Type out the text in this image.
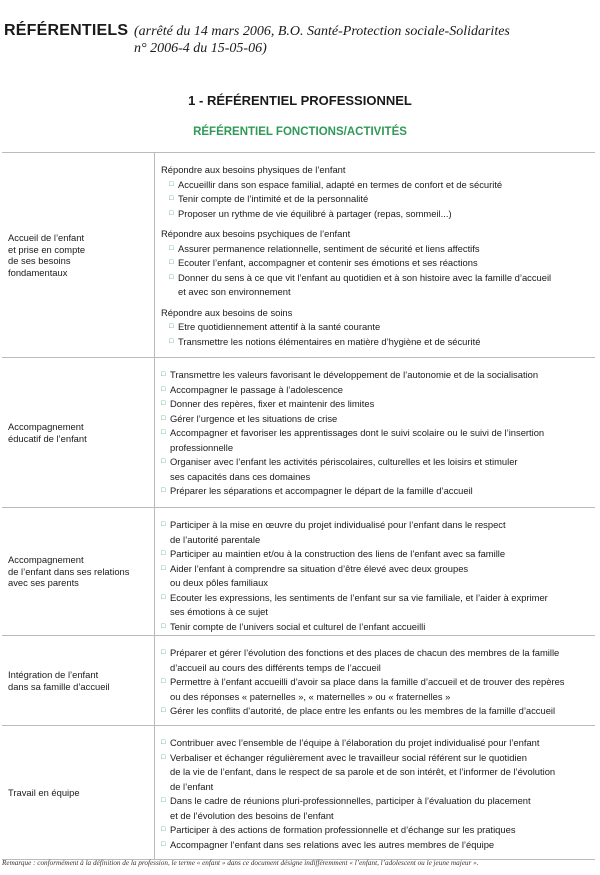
RÉFÉRENTIELS (arrêté du 14 mars 2006, B.O. Santé-Protection sociale-Solidarites
n° 2006-4 du 15-05-06)
1 - RÉFÉRENTIEL PROFESSIONNEL
RÉFÉRENTIEL FONCTIONS/ACTIVITÉS
Accueil de l’enfant
et prise en compte
de ses besoins
fondamentaux
Répondre aux besoins physiques de l’enfant
□ Accueillir dans son espace familial, adapté en termes de confort et de sécurité
□ Tenir compte de l’intimité et de la personnalité
□ Proposer un rythme de vie équilibré à partager (repas, sommeil...)
Répondre aux besoins psychiques de l’enfant
□ Assurer permanence relationnelle, sentiment de sécurité et liens affectifs
□ Ecouter l’enfant, accompagner et contenir ses émotions et ses réactions
□ Donner du sens à ce que vit l’enfant au quotidien et à son histoire avec la famille d’accueil
et avec son environnement
Répondre aux besoins de soins
□ Etre quotidiennement attentif à la santé courante
□ Transmettre les notions élémentaires en matière d’hygiène et de sécurité
Accompagnement
éducatif de l’enfant
□ Transmettre les valeurs favorisant le développement de l’autonomie et de la socialisation
□ Accompagner le passage à l’adolescence
□ Donner des repères, fixer et maintenir des limites
□ Gérer l’urgence et les situations de crise
□ Accompagner et favoriser les apprentissages dont le suivi scolaire ou le suivi de l’insertion
professionnelle
□ Organiser avec l’enfant les activités périscolaires, culturelles et les loisirs et stimuler
ses capacités dans ces domaines
□ Préparer les séparations et accompagner le départ de la famille d’accueil
Accompagnement
de l’enfant dans ses relations
avec ses parents
□ Participer à la mise en œuvre du projet individualisé pour l’enfant dans le respect
de l’autorité parentale
□ Participer au maintien et/ou à la construction des liens de l’enfant avec sa famille
□ Aider l’enfant à comprendre sa situation d’être élevé avec deux groupes
ou deux pôles familiaux
□ Ecouter les expressions, les sentiments de l’enfant sur sa vie familiale, et l’aider à exprimer
ses émotions à ce sujet
□ Tenir compte de l’univers social et culturel de l’enfant accueilli
Intégration de l’enfant
dans sa famille d’accueil
□ Préparer et gérer l’évolution des fonctions et des places de chacun des membres de la famille
d’accueil au cours des différents temps de l’accueil
□ Permettre à l’enfant accueilli d’avoir sa place dans la famille d’accueil et de trouver des repères
ou des réponses « paternelles », « maternelles » ou « fraternelles »
□ Gérer les conflits d’autorité, de place entre les enfants ou les membres de la famille d’accueil
Travail en équipe
□ Contribuer avec l’ensemble de l’équipe à l’élaboration du projet individualisé pour l’enfant
□ Verbaliser et échanger régulièrement avec le travailleur social référent sur le quotidien
de la vie de l’enfant, dans le respect de sa parole et de son intérêt, et l’informer de l’évolution
de l’enfant
□ Dans le cadre de réunions pluri-professionnelles, participer à l’évaluation du placement
et de l’évolution des besoins de l’enfant
□ Participer à des actions de formation professionnelle et d’échange sur les pratiques
□ Accompagner l’enfant dans ses relations avec les autres membres de l’équipe
Remarque : conformément à la définition de la profession, le terme « enfant » dans ce document désigne indifféremment « l’enfant, l’adolescent ou le jeune majeur ».
